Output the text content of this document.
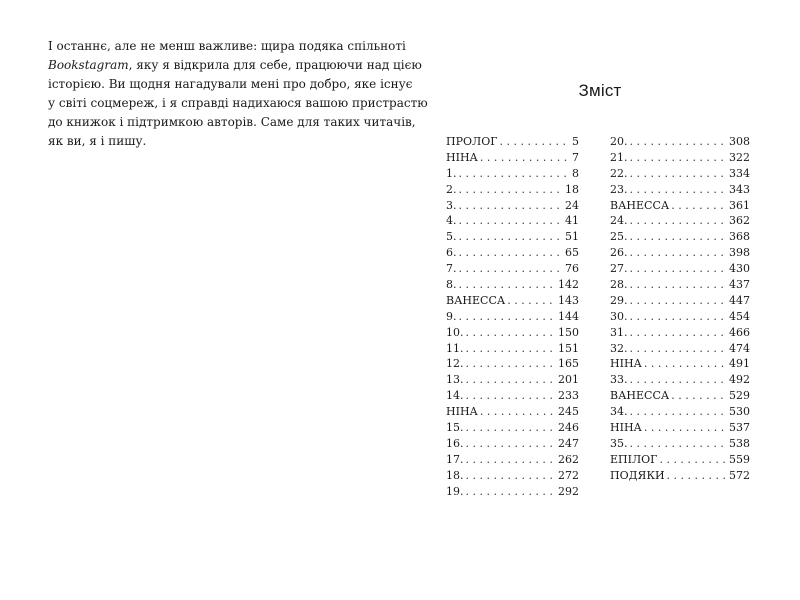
І останнє, але не менш важливе: щира подяка спільноті
Bookstagram, яку я відкрила для себе, працюючи над цією
історією. Ви щодня нагадували мені про добро, яке існує
у світі соцмереж, і я справді надихаюся вашою пристрастю
до книжок і підтримкою авторів. Саме для таких читачів,
як ви, я і пишу.

Зміст
ПРОЛОГ . . .	5
НІНА . . .	7
1. . . .	8
2. . . .	18
3. . . .	24
4. . . .	41
5. . . .	51
6. . . .	65
7. . . .	76
8. . . .	142
ВАНЕССА . . .	143
9. . . .	144
10. . . .	150
11. . . .	151
12. . . .	165
13. . . .	201
14. . . .	233
НІНА . . .	245
15. . . .	246
16. . . .	247
17. . . .	262
18. . . .	272
19. . . .	292
20. . . .	308
21. . . .	322
22. . . .	334
23. . . .	343
ВАНЕССА . . .	361
24. . . .	362
25. . . .	368
26. . . .	398
27. . . .	430
28. . . .	437
29. . . .	447
30. . . .	454
31. . . .	466
32. . . .	474
НІНА . . .	491
33. . . .	492
ВАНЕССА . . .	529
34. . . .	530
НІНА . . .	537
35. . . .	538
ЕПІЛОГ . . .	559
ПОДЯКИ . . .	572
